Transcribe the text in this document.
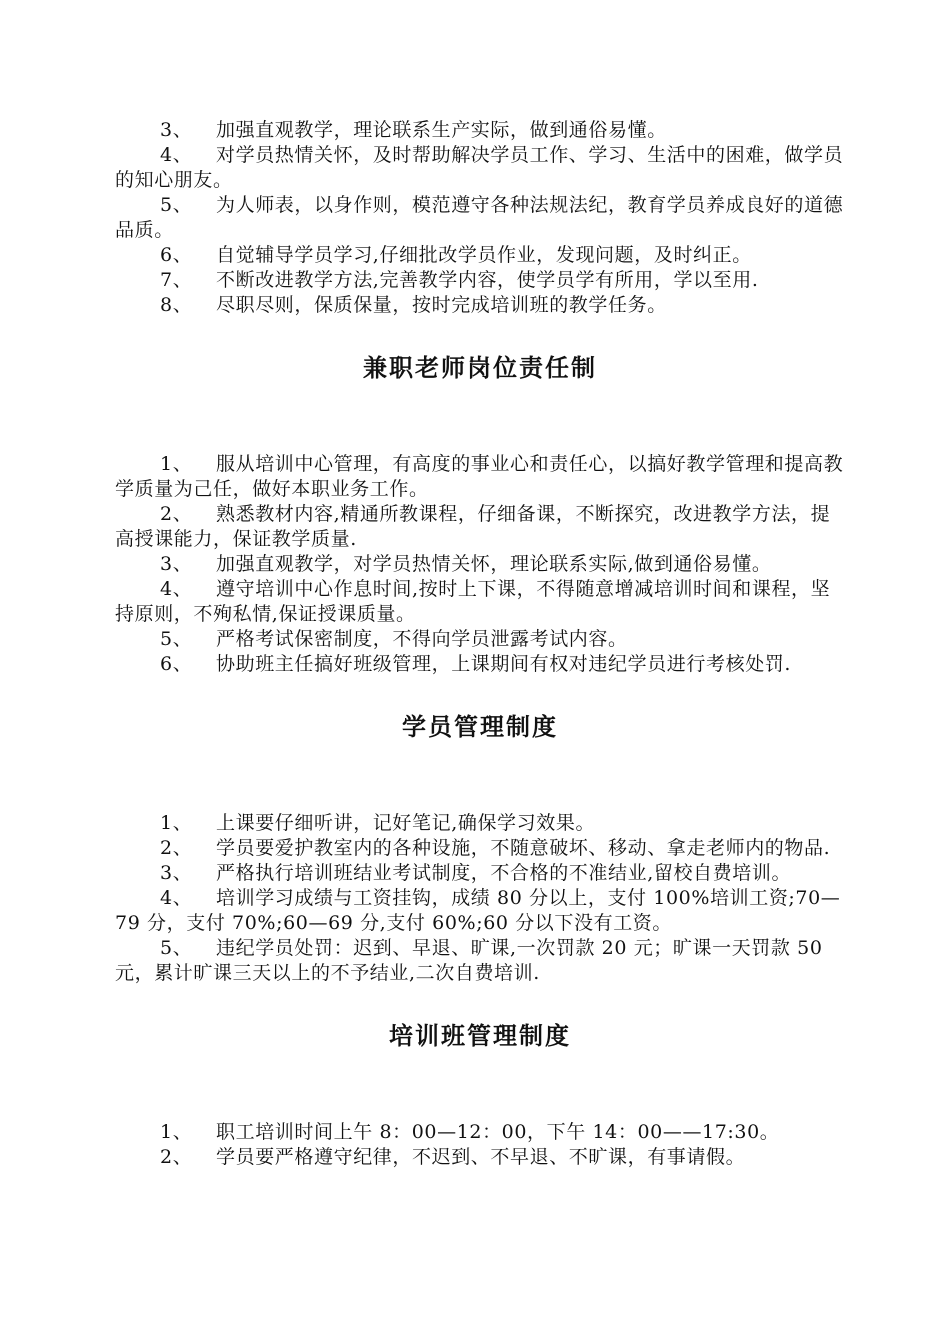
3、 加强直观教学，理论联系生产实际，做到通俗易懂。

4、 对学员热情关怀，及时帮助解决学员工作、学习、生活中的困难，做学员的知心朋友。

5、 为人师表，以身作则，模范遵守各种法规法纪，教育学员养成良好的道德品质。

6、 自觉辅导学员学习,仔细批改学员作业，发现问题，及时纠正。

7、 不断改进教学方法,完善教学内容，使学员学有所用，学以至用.

8、 尽职尽则，保质保量，按时完成培训班的教学任务。

兼职老师岗位责任制

1、 服从培训中心管理，有高度的事业心和责任心，以搞好教学管理和提高教学质量为己任，做好本职业务工作。

2、 熟悉教材内容,精通所教课程，仔细备课，不断探究，改进教学方法，提高授课能力，保证教学质量.

3、 加强直观教学，对学员热情关怀，理论联系实际,做到通俗易懂。

4、 遵守培训中心作息时间,按时上下课，不得随意增减培训时间和课程，坚持原则，不殉私情,保证授课质量。

5、 严格考试保密制度，不得向学员泄露考试内容。

6、 协助班主任搞好班级管理，上课期间有权对违纪学员进行考核处罚.

学员管理制度

1、 上课要仔细听讲，记好笔记,确保学习效果。

2、 学员要爱护教室内的各种设施，不随意破坏、移动、拿走老师内的物品.

3、 严格执行培训班结业考试制度，不合格的不准结业,留校自费培训。

4、 培训学习成绩与工资挂钩，成绩 80 分以上，支付 100%培训工资;70—79 分，支付 70%;60—69 分,支付 60%;60 分以下没有工资。

5、 违纪学员处罚：迟到、早退、旷课,一次罚款 20 元；旷课一天罚款 50 元，累计旷课三天以上的不予结业,二次自费培训.

培训班管理制度

1、 职工培训时间上午 8：00—12：00，下午 14：00——17:30。

2、 学员要严格遵守纪律，不迟到、不早退、不旷课，有事请假。
